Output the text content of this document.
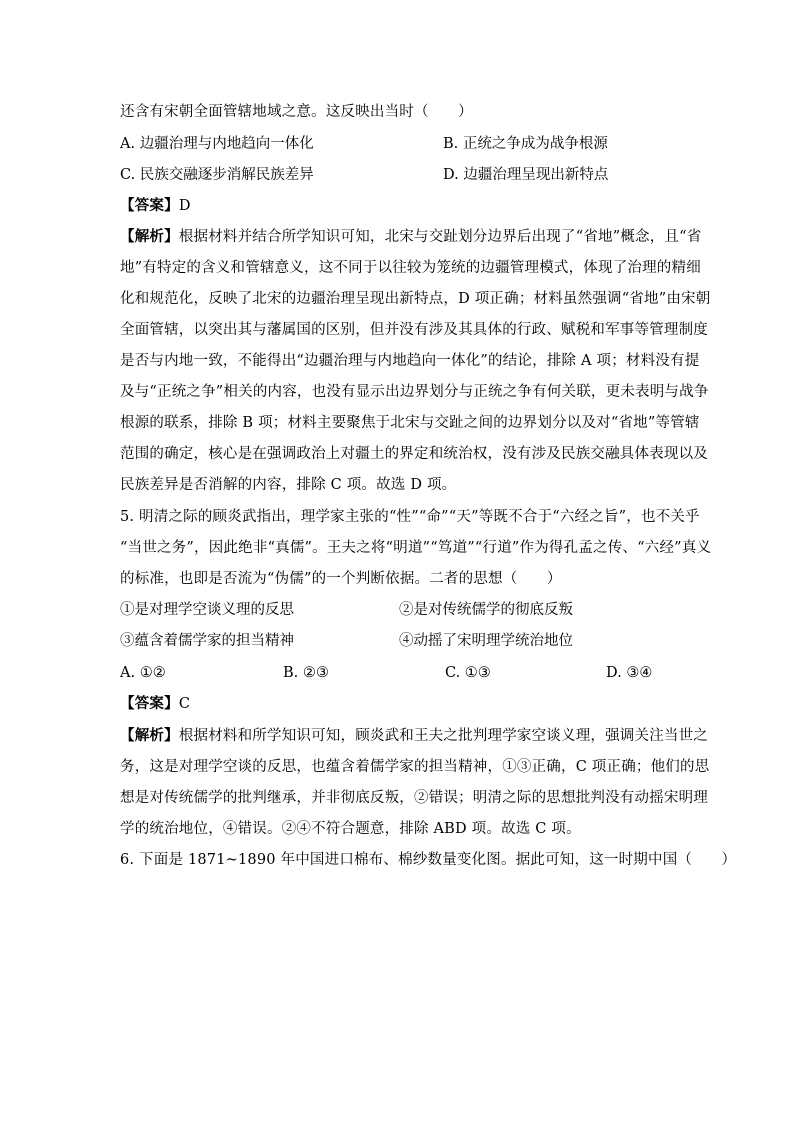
还含有宋朝全面管辖地域之意。这反映出当时（　　）
A. 边疆治理与内地趋向一体化	B. 正统之争成为战争根源
C. 民族交融逐步消解民族差异	D. 边疆治理呈现出新特点
【答案】D
【解析】根据材料并结合所学知识可知，北宋与交趾划分边界后出现了“省地”概念，且“省
地”有特定的含义和管辖意义，这不同于以往较为笼统的边疆管理模式，体现了治理的精细
化和规范化，反映了北宋的边疆治理呈现出新特点，D 项正确；材料虽然强调“省地”由宋朝
全面管辖，以突出其与藩属国的区别，但并没有涉及其具体的行政、赋税和军事等管理制度
是否与内地一致，不能得出“边疆治理与内地趋向一体化”的结论，排除 A 项；材料没有提
及与“正统之争”相关的内容，也没有显示出边界划分与正统之争有何关联，更未表明与战争
根源的联系，排除 B 项；材料主要聚焦于北宋与交趾之间的边界划分以及对“省地”等管辖
范围的确定，核心是在强调政治上对疆土的界定和统治权，没有涉及民族交融具体表现以及
民族差异是否消解的内容，排除 C 项。故选 D 项。
5. 明清之际的顾炎武指出，理学家主张的“性”“命”“天”等既不合于“六经之旨”，也不关乎
“当世之务”，因此绝非“真儒”。王夫之将“明道”“笃道”“行道”作为得孔孟之传、“六经”真义
的标准，也即是否流为“伪儒”的一个判断依据。二者的思想（　　）
①是对理学空谈义理的反思	②是对传统儒学的彻底反叛
③蕴含着儒学家的担当精神	④动摇了宋明理学统治地位
A. ①②	B. ②③	C. ①③	D. ③④
【答案】C
【解析】根据材料和所学知识可知，顾炎武和王夫之批判理学家空谈义理，强调关注当世之
务，这是对理学空谈的反思，也蕴含着儒学家的担当精神，①③正确，C 项正确；他们的思
想是对传统儒学的批判继承，并非彻底反叛，②错误；明清之际的思想批判没有动摇宋明理
学的统治地位，④错误。②④不符合题意，排除 ABD 项。故选 C 项。
6. 下面是 1871~1890 年中国进口棉布、棉纱数量变化图。据此可知，这一时期中国（　　）
